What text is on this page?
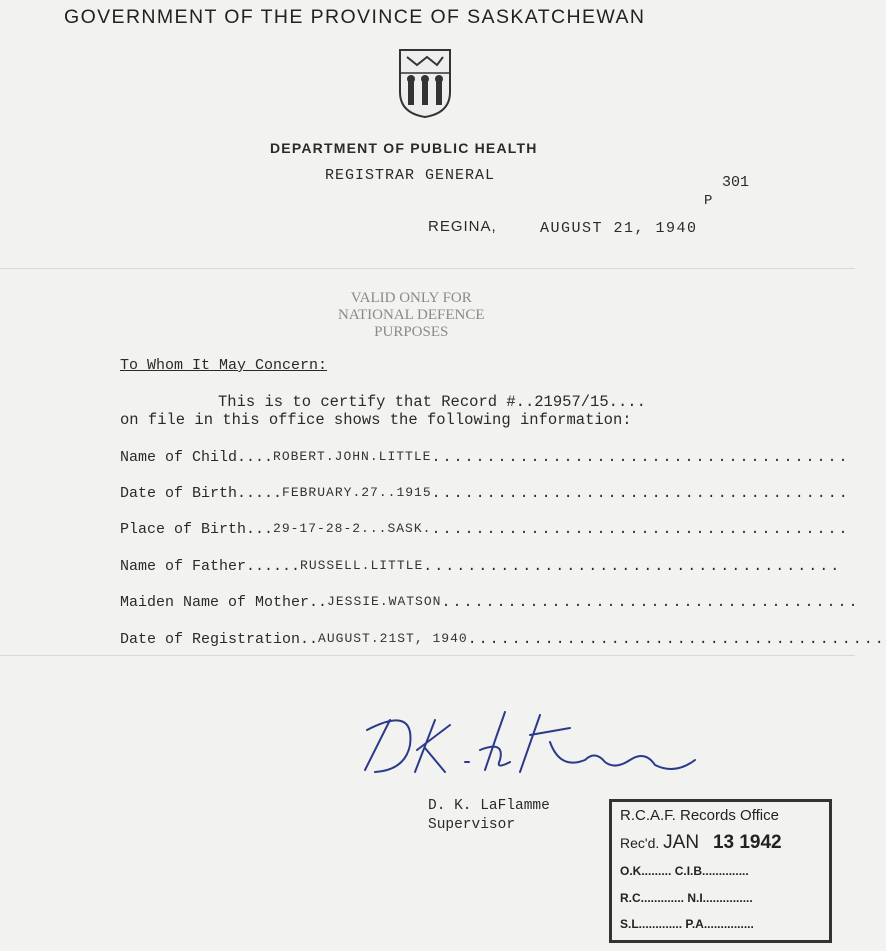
GOVERNMENT OF THE PROVINCE OF SASKATCHEWAN
DEPARTMENT OF PUBLIC HEALTH
REGISTRAR GENERAL	301
P
REGINA,	AUGUST 21, 1940
VALID ONLY FOR
NATIONAL DEFENCE
PURPOSES
To Whom It May Concern:
This is to certify that Record #..21957/15....
on file in this office shows the following information:
Name of Child.... ROBERT.JOHN.LITTLE ......................................
Date of Birth..... FEBRUARY.27..1915 ......................................
Place of Birth... 29-17-28-2...SASK. ......................................
Name of Father...... RUSSELL.LITTLE ......................................
Maiden Name of Mother.. JESSIE.WATSON ......................................
Date of Registration.. AUGUST.21ST, 1940 ......................................
D. K. LaFlamme
Supervisor
R.C.A.F. Records Office
Rec'd. JAN 13 1942
O.K......... C.I.B..............
R.C............. N.I...............
S.L............. P.A...............
